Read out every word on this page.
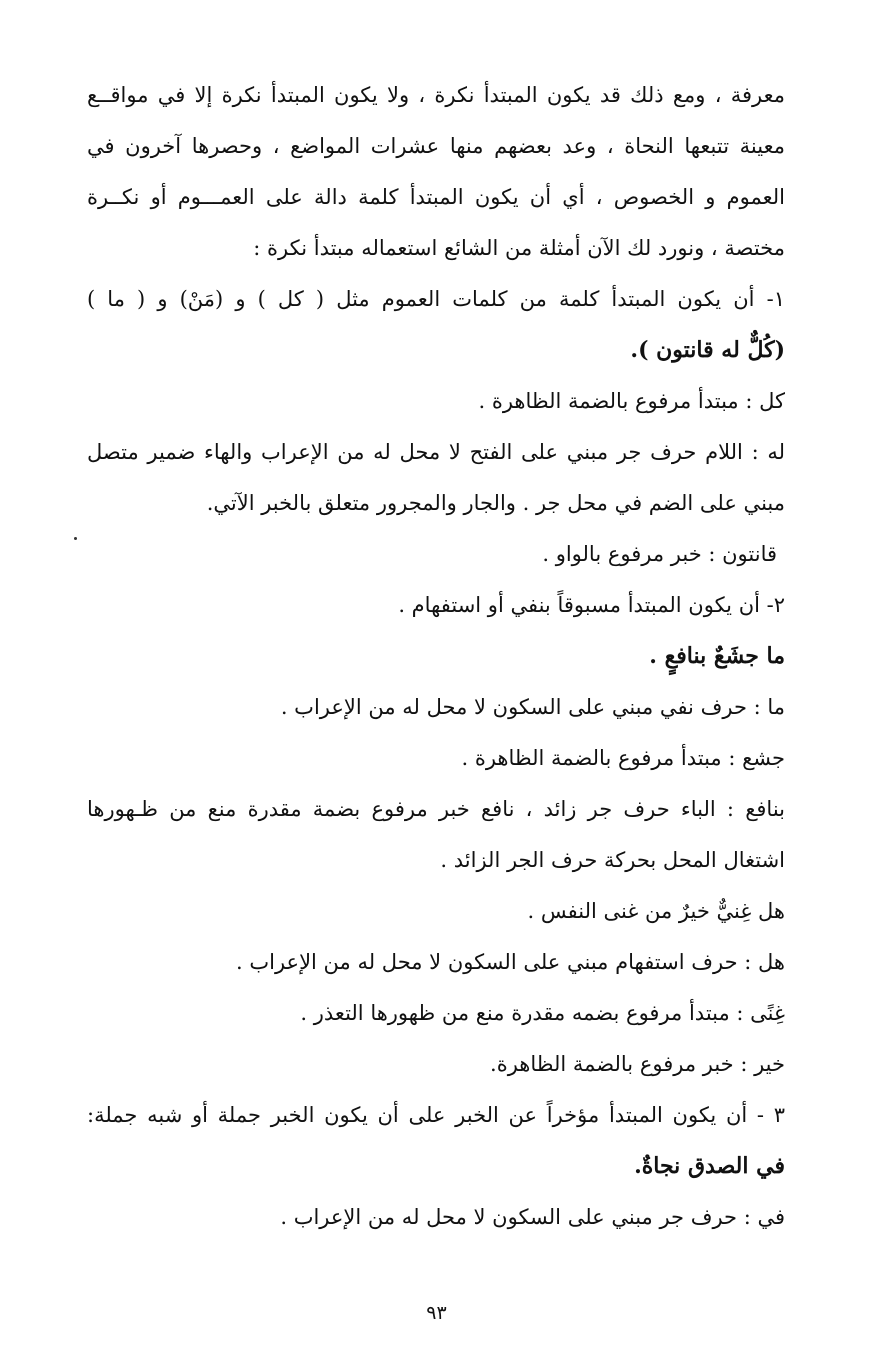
معرفة ، ومع ذلك قد يكون المبتدأ نكرة ، ولا يكون المبتدأ نكرة إلا في مواقــع
معينة تتبعها النحاة ، وعد بعضهم منها عشرات المواضع ، وحصرها آخرون في
العموم و الخصوص ، أي أن يكون المبتدأ كلمة دالة على العمـــوم أو نكــرة
مختصة ، ونورد لك الآن أمثلة من الشائع استعماله مبتدأ نكرة :
١- أن يكون المبتدأ كلمة من كلمات العموم مثل ( كل ) و (مَنْ) و ( ما )
(كُلٌّ له قانتون ).
كل : مبتدأ مرفوع بالضمة الظاهرة .
له : اللام حرف جر مبني على الفتح لا محل له من الإعراب والهاء ضمير متصل
مبني على الضم في محل جر . والجار والمجرور متعلق بالخبر الآتي.
قانتون : خبر مرفوع بالواو .
٢- أن يكون المبتدأ مسبوقاً بنفي أو استفهام .
ما جشَعٌ بنافعٍ .
ما : حرف نفي مبني على السكون لا محل له من الإعراب .
جشع : مبتدأ مرفوع بالضمة الظاهرة .
بنافع : الباء حرف جر زائد ، نافع خبر مرفوع بضمة مقدرة منع من ظـهورها
اشتغال المحل بحركة حرف الجر الزائد .
هل غِنيٌّ خيرٌ من غنى النفس .
هل : حرف استفهام مبني على السكون لا محل له من الإعراب .
غِنًى : مبتدأ مرفوع بضمه مقدرة منع من ظهورها التعذر .
خير : خبر مرفوع بالضمة الظاهرة.
٣ - أن يكون المبتدأ مؤخراً عن الخبر على أن يكون الخبر جملة أو شبه جملة:
في الصدق نجاةٌ.
في : حرف جر مبني على السكون لا محل له من الإعراب .
٩٣
